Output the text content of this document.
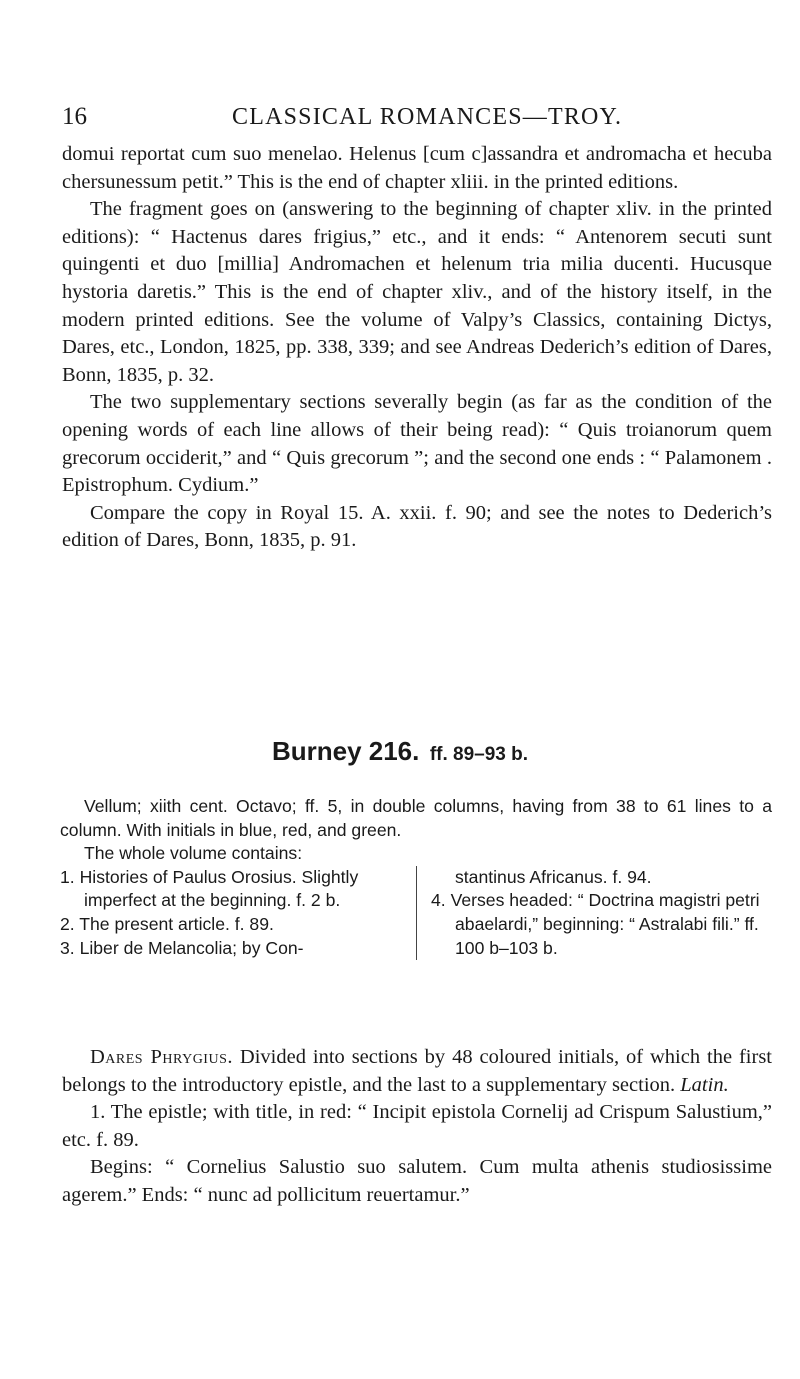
16	CLASSICAL ROMANCES—TROY.

domui reportat cum suo menelao. Helenus [cum c]assandra et andromacha et hecuba chersunessum petit.” This is the end of chapter xliii. in the printed editions.

The fragment goes on (answering to the beginning of chapter xliv. in the printed editions): “ Hactenus dares frigius,” etc., and it ends: “ Antenorem secuti sunt quingenti et duo [millia] Andromachen et helenum tria milia ducenti. Hucusque hystoria daretis.” This is the end of chapter xliv., and of the history itself, in the modern printed editions. See the volume of Valpy’s Classics, containing Dictys, Dares, etc., London, 1825, pp. 338, 339; and see Andreas Dederich’s edition of Dares, Bonn, 1835, p. 32.

The two supplementary sections severally begin (as far as the condition of the opening words of each line allows of their being read): “ Quis troianorum quem grecorum occiderit,” and “ Quis grecorum ”; and the second one ends : “ Palamonem . Epistrophum. Cydium.”

Compare the copy in Royal 15. A. xxii. f. 90; and see the notes to Dederich’s edition of Dares, Bonn, 1835, p. 91.

Burney 216. ff. 89–93 b.

Vellum; xiith cent. Octavo; ff. 5, in double columns, having from 38 to 61 lines to a column. With initials in blue, red, and green.

The whole volume contains:

1. Histories of Paulus Orosius. Slightly imperfect at the beginning. f. 2 b.
2. The present article. f. 89.
3. Liber de Melancolia; by Con-
stantinus Africanus. f. 94.
4. Verses headed: “ Doctrina magistri petri abaelardi,” beginning: “ Astralabi fili.” ff. 100 b–103 b.

Dares Phrygius. Divided into sections by 48 coloured initials, of which the first belongs to the introductory epistle, and the last to a supplementary section. Latin.

1. The epistle; with title, in red: “ Incipit epistola Cornelij ad Crispum Salustium,” etc. f. 89.

Begins: “ Cornelius Salustio suo salutem. Cum multa athenis studiosissime agerem.” Ends: “ nunc ad pollicitum reuertamur.”
